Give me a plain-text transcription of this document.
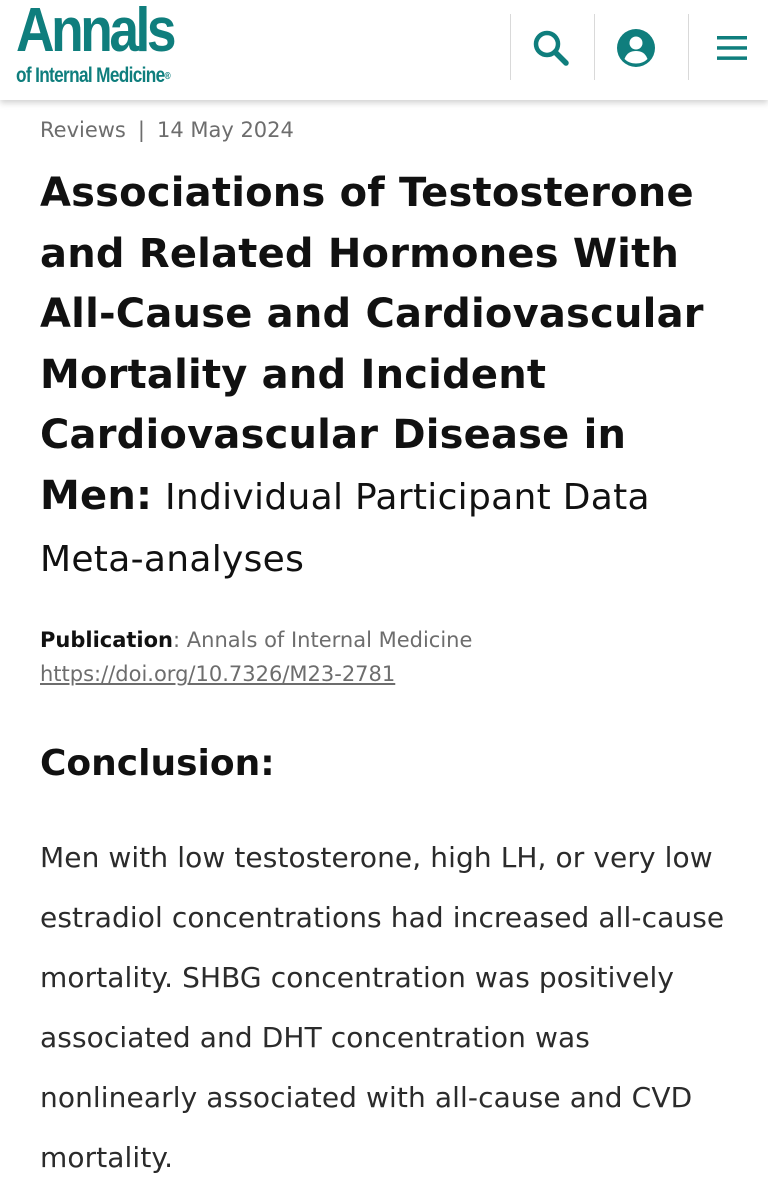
Annals
of Internal Medicine®
Reviews | 14 May 2024
Associations of Testosterone and Related Hormones With All-Cause and Cardiovascular Mortality and Incident Cardiovascular Disease in Men: Individual Participant Data Meta-analyses
Publication: Annals of Internal Medicine
https://doi.org/10.7326/M23-2781
Conclusion:

Men with low testosterone, high LH, or very low estradiol concentrations had increased all-cause mortality. SHBG concentration was positively associated and DHT concentration was nonlinearly associated with all-cause and CVD mortality.
